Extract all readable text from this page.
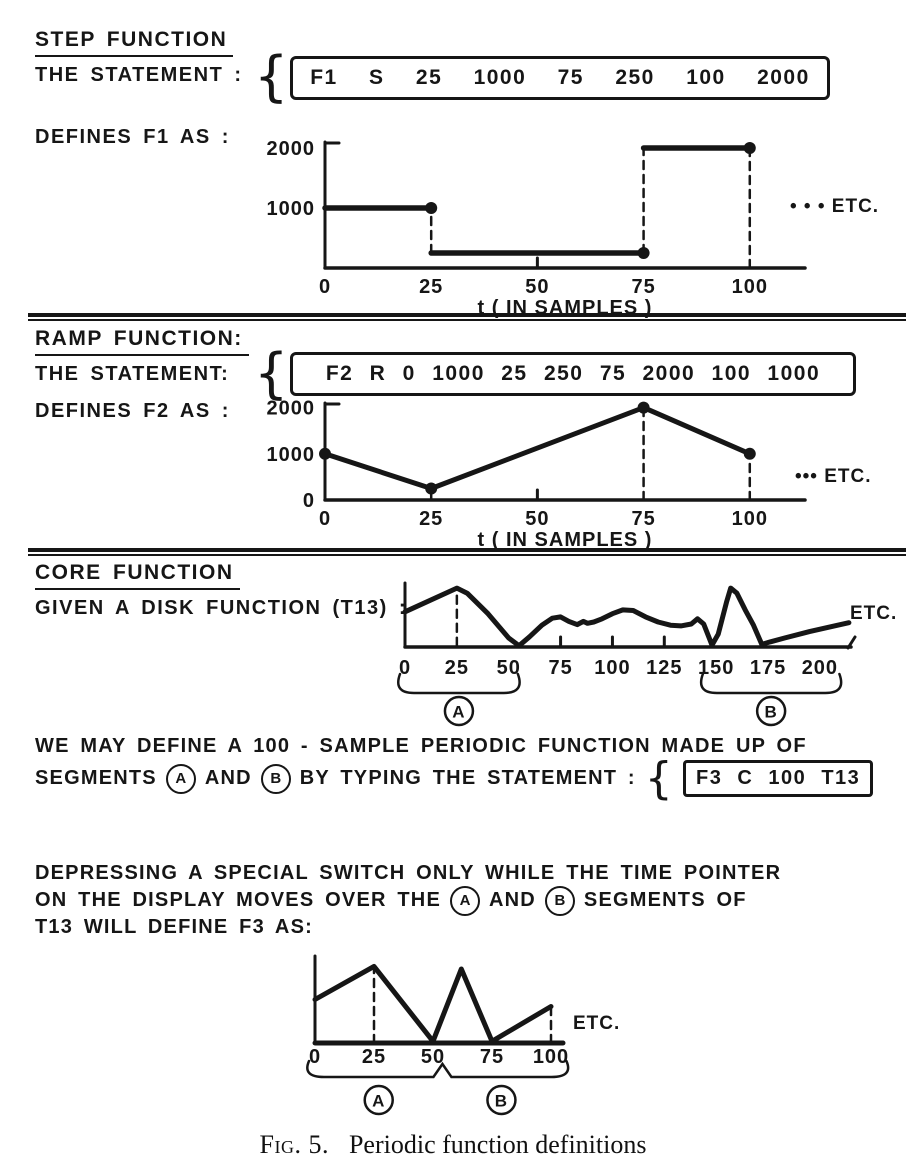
STEP FUNCTION
THE STATEMENT : {	F1 S 25 1000 75 250 100 2000
DEFINES F1 AS :
0	25	50	75	100
2000
1000
t ( IN SAMPLES )
• • • ETC.
RAMP FUNCTION:
THE STATEMENT: {	F2 R 0 1000 25 250 75 2000 100 1000
DEFINES F2 AS :
0	25	50	75	100
2000
1000
0
t ( IN SAMPLES )
••• ETC.
CORE FUNCTION
GIVEN A DISK FUNCTION (T13) :
0 25 50 75 100 125 150 175 200
ETC.
A	B
WE MAY DEFINE A 100 - SAMPLE PERIODIC FUNCTION MADE UP OF
SEGMENTS	A AND	B BY TYPING THE STATEMENT : {	F3 C 100 T13
DEPRESSING A SPECIAL SWITCH ONLY WHILE THE TIME POINTER
ON THE DISPLAY MOVES OVER THE	A AND	B SEGMENTS OF
T13 WILL DEFINE F3 AS:
0 25 50 75 100
ETC.
A	B
Fig. 5. Periodic function definitions
